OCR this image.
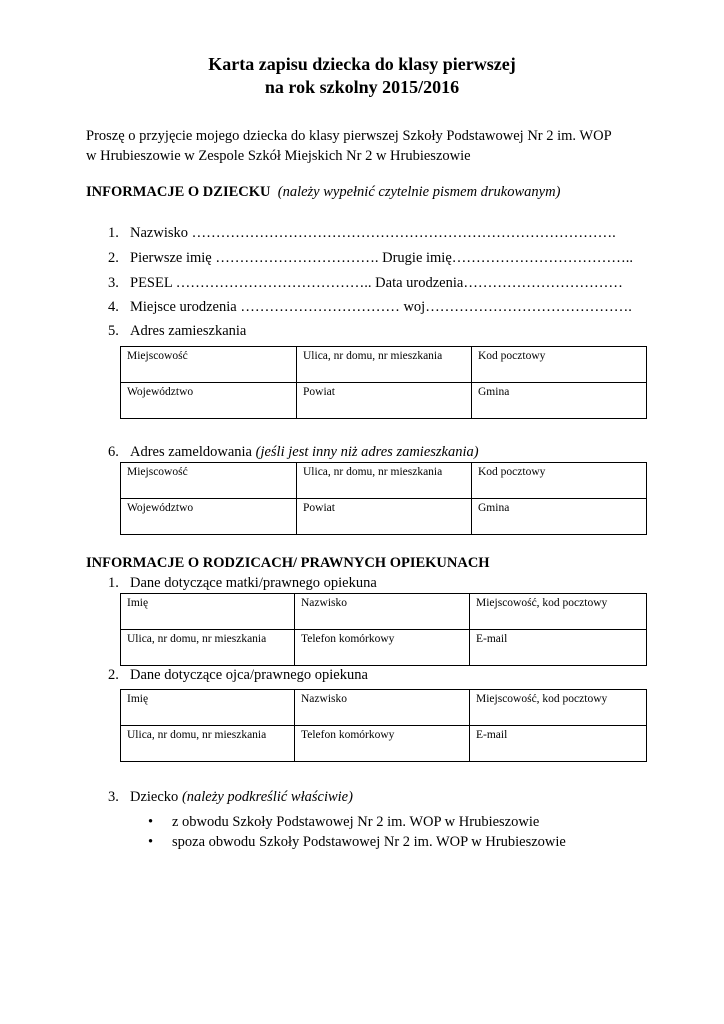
Karta zapisu dziecka do klasy pierwszej
na rok szkolny 2015/2016
Proszę o przyjęcie mojego dziecka do klasy pierwszej Szkoły Podstawowej Nr 2 im. WOP
w Hrubieszowie w Zespole Szkół Miejskich Nr 2 w Hrubieszowie
INFORMACJE O DZIECKU (należy wypełnić czytelnie pismem drukowanym)
1. Nazwisko …………………………………………………………………………….
2. Pierwsze imię ……………………………. Drugie imię………………………………..
3. PESEL ………………………………….. Data urodzenia……………………………
4. Miejsce urodzenia …………………………… woj…………………………………….
5. Adres zamieszkania
Miejscowość	Ulica, nr domu, nr mieszkania	Kod pocztowy
Województwo	Powiat	Gmina
6. Adres zameldowania (jeśli jest inny niż adres zamieszkania)
Miejscowość	Ulica, nr domu, nr mieszkania	Kod pocztowy
Województwo	Powiat	Gmina
INFORMACJE O RODZICACH/ PRAWNYCH OPIEKUNACH
1. Dane dotyczące matki/prawnego opiekuna
Imię	Nazwisko	Miejscowość, kod pocztowy
Ulica, nr domu, nr mieszkania	Telefon komórkowy	E-mail
2. Dane dotyczące ojca/prawnego opiekuna
Imię	Nazwisko	Miejscowość, kod pocztowy
Ulica, nr domu, nr mieszkania	Telefon komórkowy	E-mail
3. Dziecko (należy podkreślić właściwie)
• z obwodu Szkoły Podstawowej Nr 2 im. WOP w Hrubieszowie
• spoza obwodu Szkoły Podstawowej Nr 2 im. WOP w Hrubieszowie
